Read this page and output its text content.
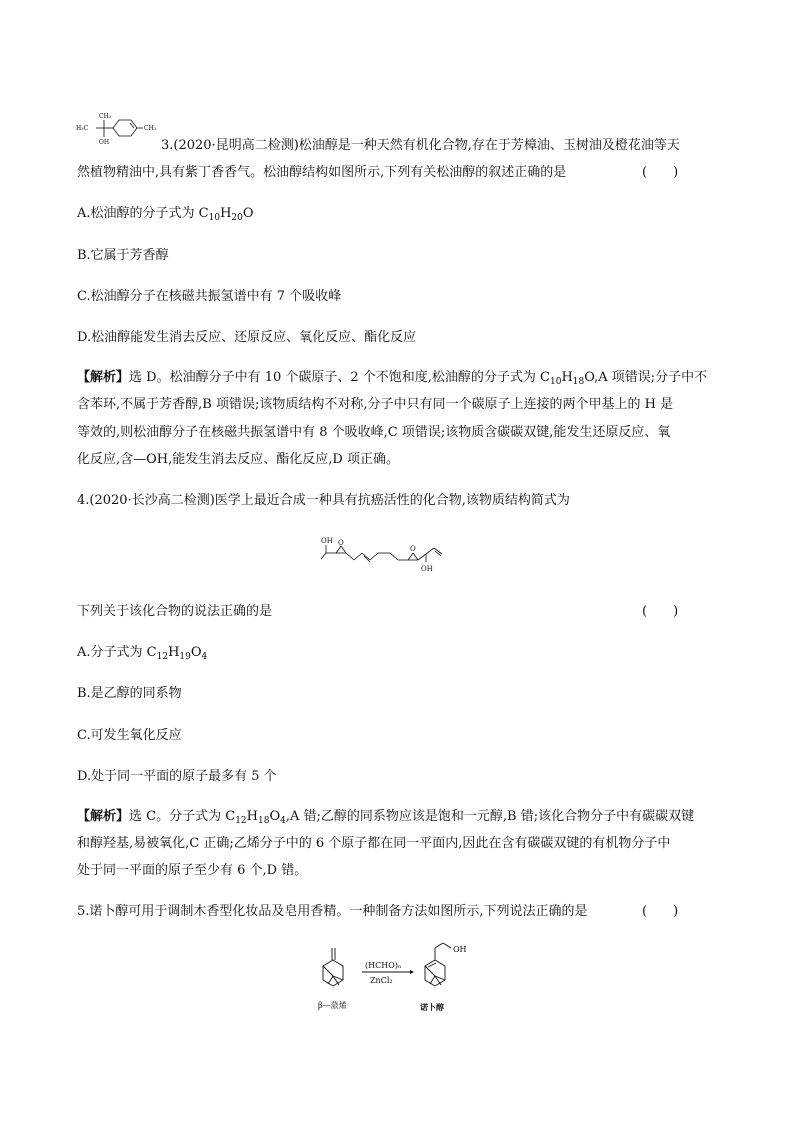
CH₃
H₃C
OH
CH₃
3.(2020·昆明高二检测)松油醇是一种天然有机化合物,存在于芳樟油、玉树油及橙花油等天
然植物精油中,具有紫丁香香气。松油醇结构如图所示,下列有关松油醇的叙述正确的是	(　　)
A.松油醇的分子式为 $C_{10}H_{20}O$
B.它属于芳香醇
C.松油醇分子在核磁共振氢谱中有 7 个吸收峰
D.松油醇能发生消去反应、还原反应、氧化反应、酯化反应
【解析】选 D。松油醇分子中有 10 个碳原子、2 个不饱和度,松油醇的分子式为 $C_{10}H_{18}O,A$ 项错误;分子中不
含苯环,不属于芳香醇,B 项错误;该物质结构不对称,分子中只有同一个碳原子上连接的两个甲基上的 H 是
等效的,则松油醇分子在核磁共振氢谱中有 8 个吸收峰,C 项错误;该物质含碳碳双键,能发生还原反应、氧
化反应,含—OH,能发生消去反应、酯化反应,D 项正确。
4.(2020·长沙高二检测)医学上最近合成一种具有抗癌活性的化合物,该物质结构简式为
OH O
O
OH
下列关于该化合物的说法正确的是	(　　)
A.分子式为 $C_{12}H_{19}O_4$
B.是乙醇的同系物
C.可发生氧化反应
D.处于同一平面的原子最多有 5 个
【解析】选 C。分子式为 $C_{12}H_{18}O_4,A$ 错;乙醇的同系物应该是饱和一元醇,B 错;该化合物分子中有碳碳双键
和醇羟基,易被氧化,C 正确;乙烯分子中的 6 个原子都在同一平面内,因此在含有碳碳双键的有机物分子中
处于同一平面的原子至少有 6 个,D 错。
5.诺卜醇可用于调制木香型化妆品及皂用香精。一种制备方法如图所示,下列说法正确的是	(　　)
(HCHO)ₙ
ZnCl₂
OH
β—蒎烯	诺卜醇
